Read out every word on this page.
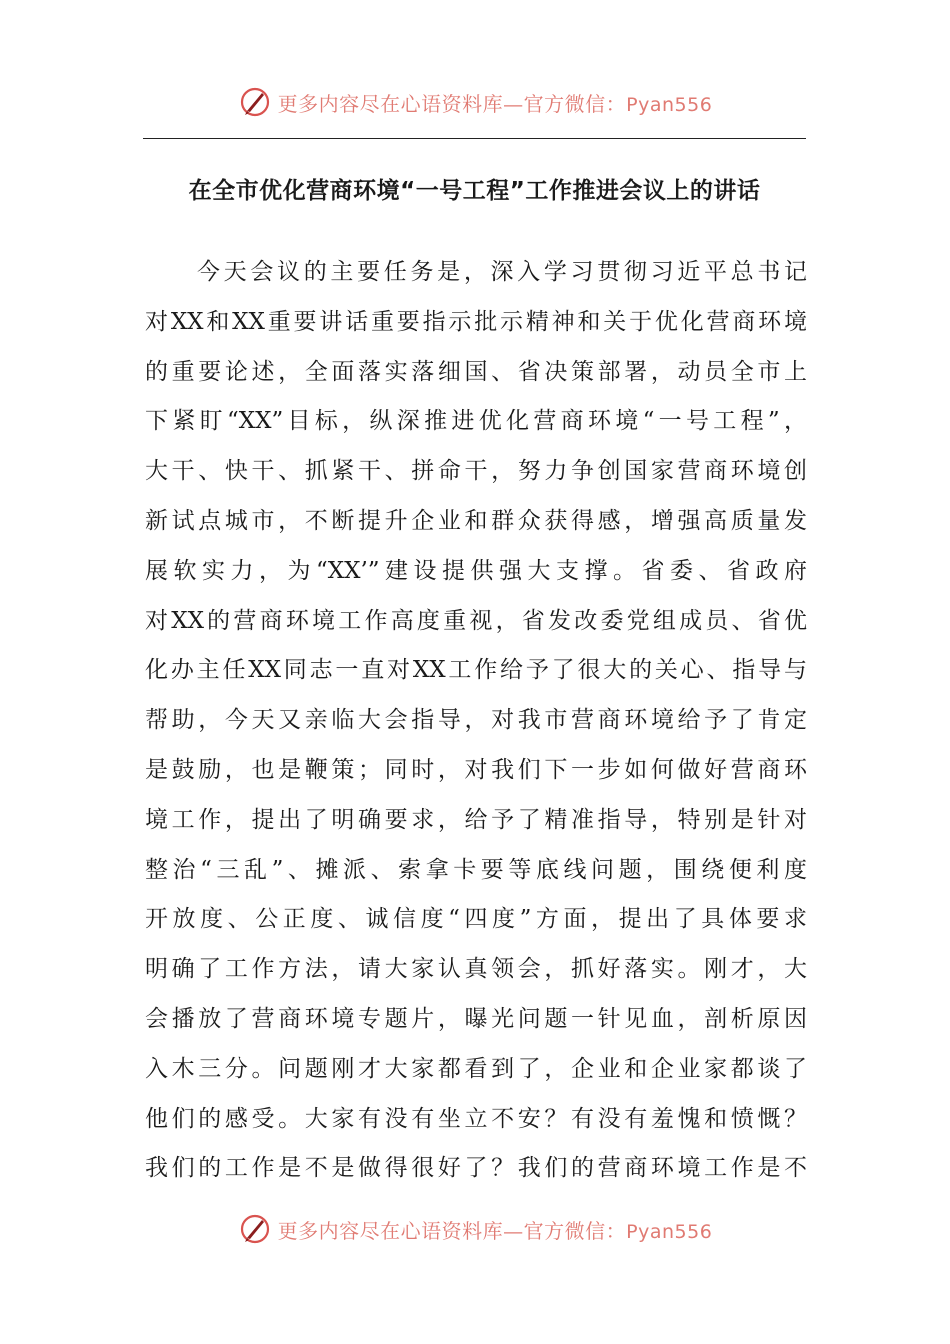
更多内容尽在心语资料库—官方微信：Pyan556
在全市优化营商环境“一号工程”工作推进会议上的讲话
今天会议的主要任务是，深入学习贯彻习近平总书记
对XX和XX重要讲话重要指示批示精神和关于优化营商环境
的重要论述，全面落实落细国、省决策部署，动员全市上
下紧盯“XX”目标，纵深推进优化营商环境“一号工程”，
大干、快干、抓紧干、拼命干，努力争创国家营商环境创
新试点城市，不断提升企业和群众获得感，增强高质量发
展软实力，为“XX’”建设提供强大支撑。省委、省政府
对XX的营商环境工作高度重视，省发改委党组成员、省优
化办主任XX同志一直对XX工作给予了很大的关心、指导与
帮助，今天又亲临大会指导，对我市营商环境给予了肯定
是鼓励，也是鞭策；同时，对我们下一步如何做好营商环
境工作，提出了明确要求，给予了精准指导，特别是针对
整治“三乱”、摊派、索拿卡要等底线问题，围绕便利度
开放度、公正度、诚信度“四度”方面，提出了具体要求
明确了工作方法，请大家认真领会，抓好落实。刚才，大
会播放了营商环境专题片，曝光问题一针见血，剖析原因
入木三分。问题刚才大家都看到了，企业和企业家都谈了
他们的感受。大家有没有坐立不安？有没有羞愧和愤慨？
我们的工作是不是做得很好了？我们的营商环境工作是不
更多内容尽在心语资料库—官方微信：Pyan556
